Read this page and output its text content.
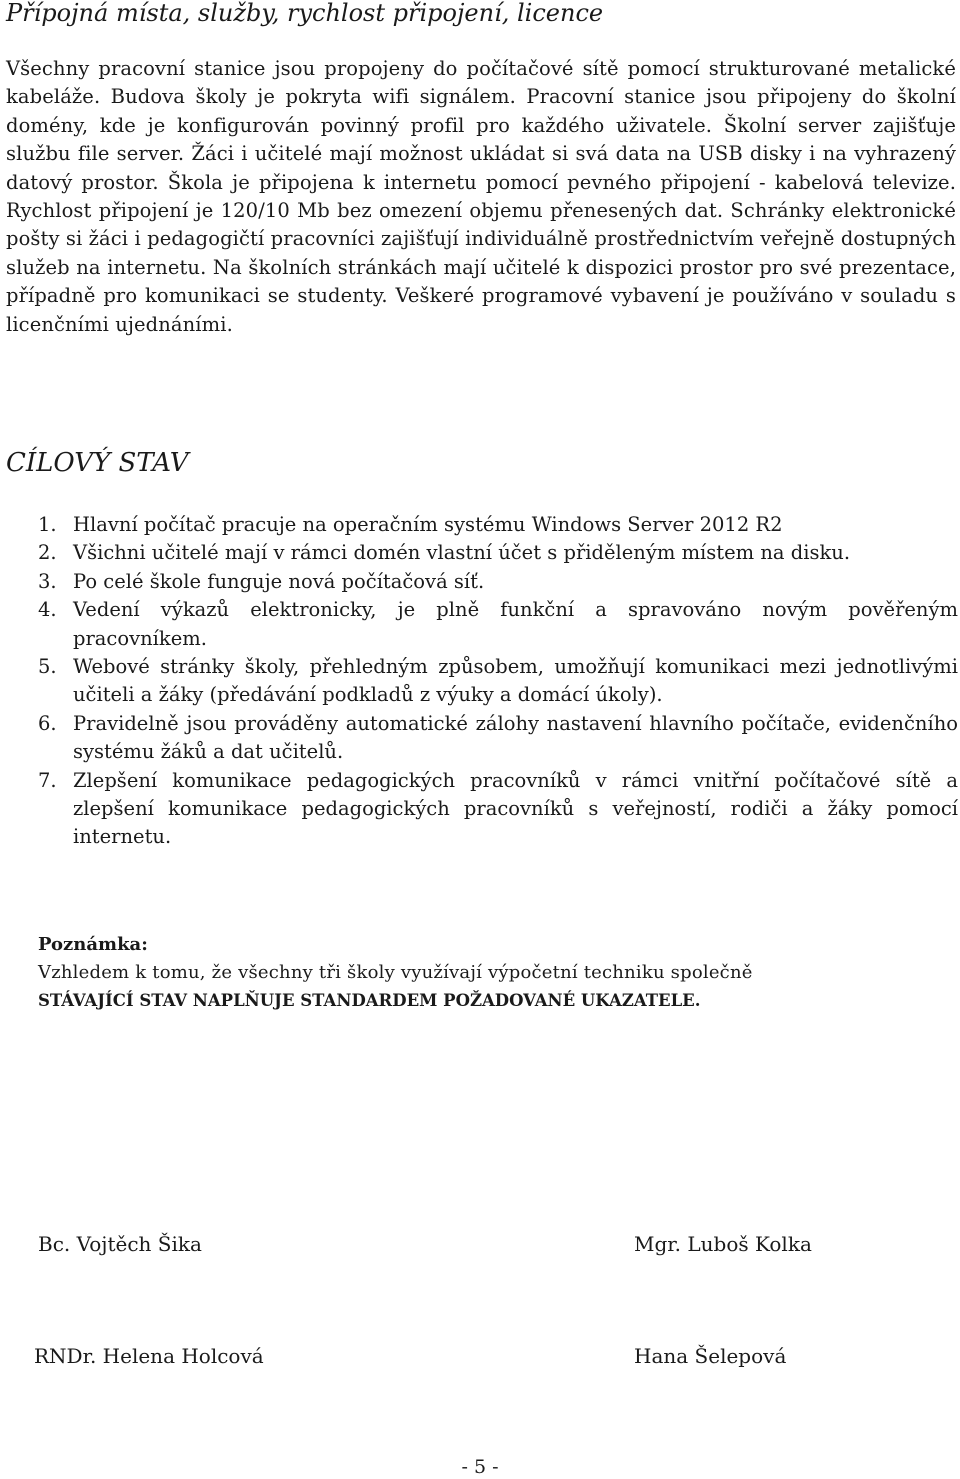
Přípojná místa, služby, rychlost připojení, licence

Všechny pracovní stanice jsou propojeny do počítačové sítě pomocí strukturované metalické kabeláže. Budova školy je pokryta wifi signálem. Pracovní stanice jsou připojeny do školní domény, kde je konfigurován povinný profil pro každého uživatele. Školní server zajišťuje službu file server. Žáci i učitelé mají možnost ukládat si svá data na USB disky i na vyhrazený datový prostor. Škola je připojena k internetu pomocí pevného připojení - kabelová televize. Rychlost připojení je 120/10 Mb bez omezení objemu přenesených dat. Schránky elektronické pošty si žáci i pedagogičtí pracovníci zajišťují individuálně prostřednictvím veřejně dostupných služeb na internetu. Na školních stránkách mají učitelé k dispozici prostor pro své prezentace, případně pro komunikaci se studenty. Veškeré programové vybavení je používáno v souladu s licenčními ujednáními.

CÍLOVÝ STAV
1. Hlavní počítač pracuje na operačním systému Windows Server 2012 R2
2. Všichni učitelé mají v rámci domén vlastní účet s přiděleným místem na disku.
3. Po celé škole funguje nová počítačová síť.
4. Vedení výkazů elektronicky, je plně funkční a spravováno novým pověřeným pracovníkem.
5. Webové stránky školy, přehledným způsobem, umožňují komunikaci mezi jednotlivými učiteli a žáky (předávání podkladů z výuky a domácí úkoly).
6. Pravidelně jsou prováděny automatické zálohy nastavení hlavního počítače, evidenčního systému žáků a dat učitelů.
7. Zlepšení komunikace pedagogických pracovníků v rámci vnitřní počítačové sítě a zlepšení komunikace pedagogických pracovníků s veřejností, rodiči a žáky pomocí internetu.
Poznámka:
Vzhledem k tomu, že všechny tři školy využívají výpočetní techniku společně
STÁVAJÍCÍ STAV NAPLŇUJE STANDARDEM POŽADOVANÉ UKAZATELE.
Bc. Vojtěch Šika	Mgr. Luboš Kolka
RNDr. Helena Holcová	Hana Šelepová
- 5 -
